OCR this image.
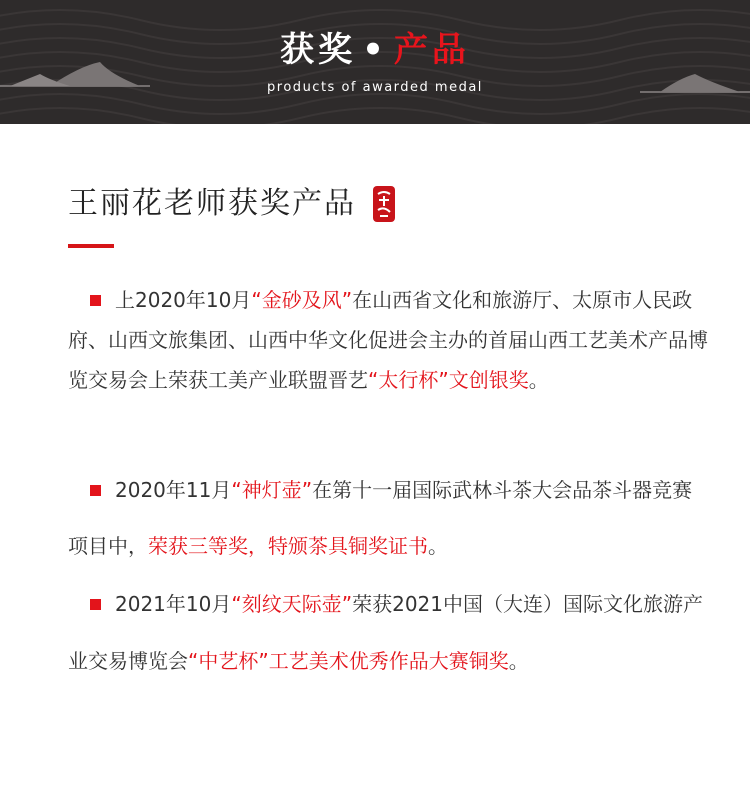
获奖 • 产品
products of awarded medal
王丽花老师获奖产品
上2020年10月“金砂及风”在山西省文化和旅游厅、太原市人民政府、山西文旅集团、山西中华文化促进会主办的首届山西工艺美术产品博览交易会上荣获工美产业联盟晋艺“太行杯”文创银奖。
2020年11月“神灯壶”在第十一届国际武林斗茶大会品茶斗器竞赛项目中，荣获三等奖，特颁茶具铜奖证书。
2021年10月“刻纹天际壶”荣获2021中国（大连）国际文化旅游产业交易博览会“中艺杯”工艺美术优秀作品大赛铜奖。
